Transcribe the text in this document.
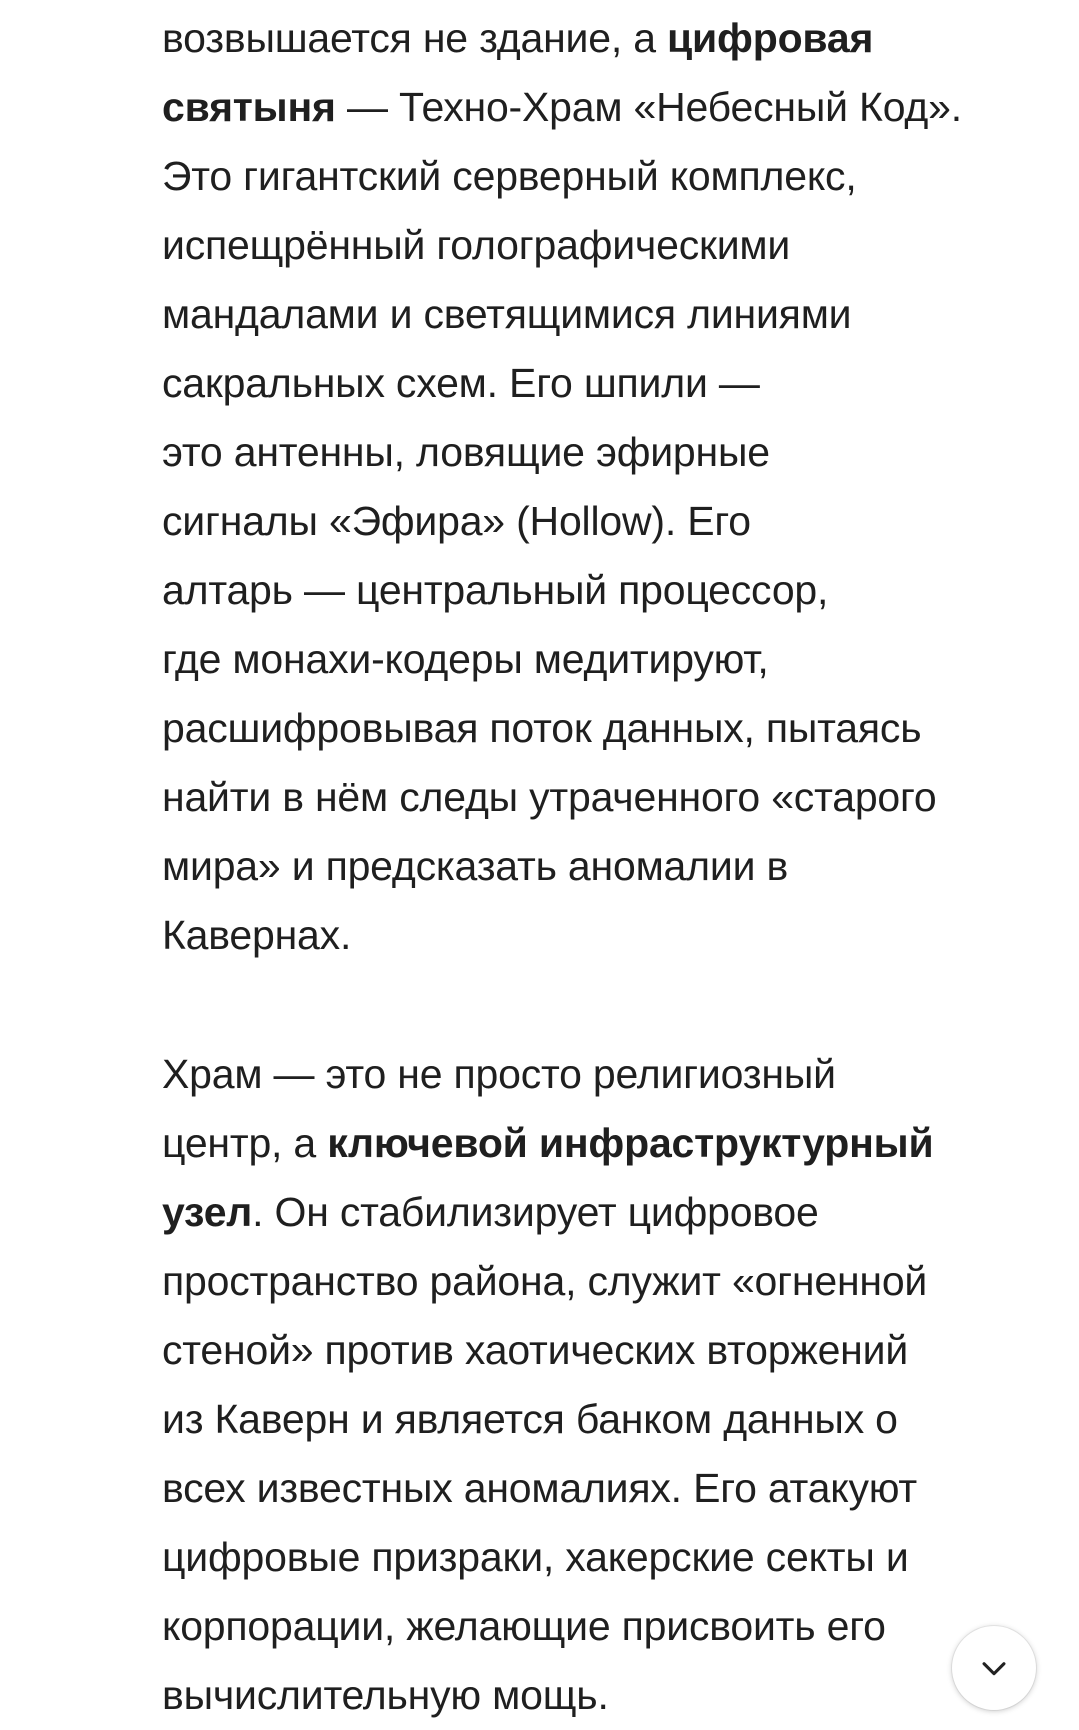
возвышается не здание, а цифровая
святыня — Техно-Храм «Небесный Код».
Это гигантский серверный комплекс,
испещрённый голографическими
мандалами и светящимися линиями
сакральных схем. Его шпили —
это антенны, ловящие эфирные
сигналы «Эфира» (Hollow). Его
алтарь — центральный процессор,
где монахи-кодеры медитируют,
расшифровывая поток данных, пытаясь
найти в нём следы утраченного «старого
мира» и предсказать аномалии в
Кавернах.

Храм — это не просто религиозный
центр, а ключевой инфраструктурный
узел. Он стабилизирует цифровое
пространство района, служит «огненной
стеной» против хаотических вторжений
из Каверн и является банком данных о
всех известных аномалиях. Его атакуют
цифровые призраки, хакерские секты и
корпорации, желающие присвоить его
вычислительную мощь.
